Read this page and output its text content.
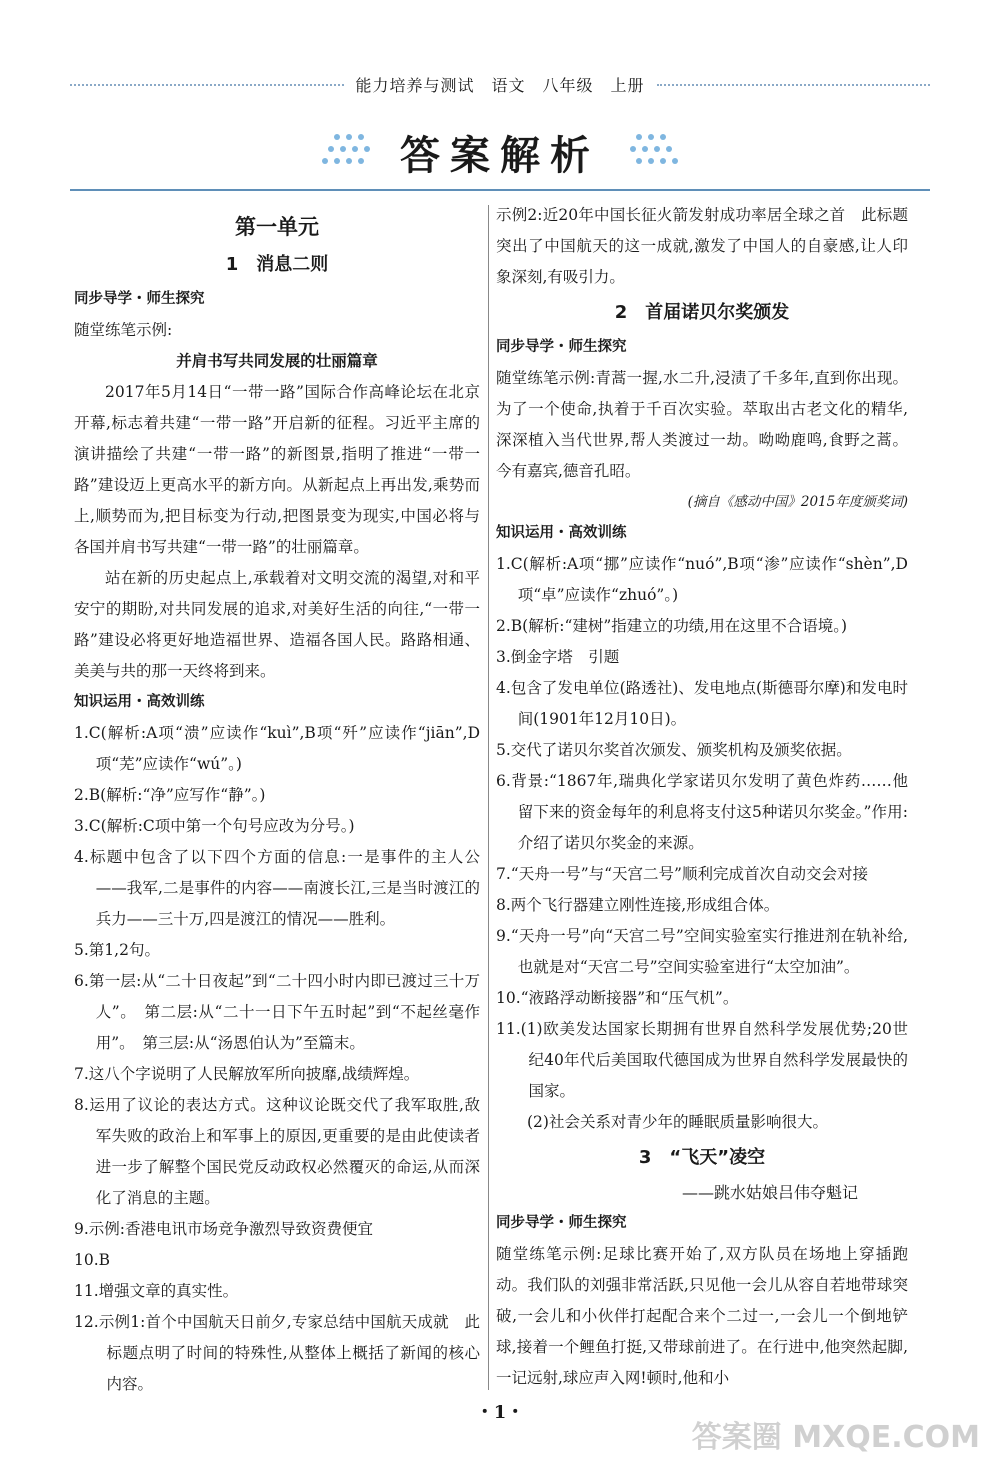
能力培养与测试　语文　八年级　上册
答案解析
第一单元
1　消息二则

同步导学・师生探究

随堂练笔示例:

并肩书写共同发展的壮丽篇章

2017年5月14日“一带一路”国际合作高峰论坛在北京开幕,标志着共建“一带一路”开启新的征程。习近平主席的演讲描绘了共建“一带一路”的新图景,指明了推进“一带一路”建设迈上更高水平的新方向。从新起点上再出发,乘势而上,顺势而为,把目标变为行动,把图景变为现实,中国必将与各国并肩书写共建“一带一路”的壮丽篇章。

站在新的历史起点上,承载着对文明交流的渴望,对和平安宁的期盼,对共同发展的追求,对美好生活的向往,“一带一路”建设必将更好地造福世界、造福各国人民。路路相通、美美与共的那一天终将到来。

知识运用・高效训练

1.C(解析:A项“溃”应读作“kuì”,B项“歼”应读作“jiān”,D项“芜”应读作“wú”。)

2.B(解析:“净”应写作“静”。)

3.C(解析:C项中第一个句号应改为分号。)

4.标题中包含了以下四个方面的信息:一是事件的主人公——我军,二是事件的内容——南渡长江,三是当时渡江的兵力——三十万,四是渡江的情况——胜利。

5.第1,2句。

6.第一层:从“二十日夜起”到“二十四小时内即已渡过三十万人”。　第二层:从“二十一日下午五时起”到“不起丝毫作用”。　第三层:从“汤恩伯认为”至篇末。

7.这八个字说明了人民解放军所向披靡,战绩辉煌。

8.运用了议论的表达方式。这种议论既交代了我军取胜,敌军失败的政治上和军事上的原因,更重要的是由此使读者进一步了解整个国民党反动政权必然覆灭的命运,从而深化了消息的主题。

9.示例:香港电讯市场竞争激烈导致资费便宜

10.B

11.增强文章的真实性。

12.示例1:首个中国航天日前夕,专家总结中国航天成就　此标题点明了时间的特殊性,从整体上概括了新闻的核心内容。

示例2:近20年中国长征火箭发射成功率居全球之首　此标题突出了中国航天的这一成就,激发了中国人的自豪感,让人印象深刻,有吸引力。

2　首届诺贝尔奖颁发

同步导学・师生探究

随堂练笔示例:青蒿一握,水二升,浸渍了千多年,直到你出现。为了一个使命,执着于千百次实验。萃取出古老文化的精华,深深植入当代世界,帮人类渡过一劫。呦呦鹿鸣,食野之蒿。今有嘉宾,德音孔昭。

(摘自《感动中国》2015年度颁奖词)

知识运用・高效训练

1.C(解析:A项“挪”应读作“nuó”,B项“渗”应读作“shèn”,D项“卓”应读作“zhuó”。)

2.B(解析:“建树”指建立的功绩,用在这里不合语境。)

3.倒金字塔　引题

4.包含了发电单位(路透社)、发电地点(斯德哥尔摩)和发电时间(1901年12月10日)。

5.交代了诺贝尔奖首次颁发、颁奖机构及颁奖依据。

6.背景:“1867年,瑞典化学家诺贝尔发明了黄色炸药……他留下来的资金每年的利息将支付这5种诺贝尔奖金。”作用:介绍了诺贝尔奖金的来源。

7.“天舟一号”与“天宫二号”顺利完成首次自动交会对接

8.两个飞行器建立刚性连接,形成组合体。

9.“天舟一号”向“天宫二号”空间实验室实行推进剂在轨补给,也就是对“天宫二号”空间实验室进行“太空加油”。

10.“液路浮动断接器”和“压气机”。

11.(1)欧美发达国家长期拥有世界自然科学发展优势;20世纪40年代后美国取代德国成为世界自然科学发展最快的国家。

(2)社会关系对青少年的睡眠质量影响很大。

3　“飞天”凌空

——跳水姑娘吕伟夺魁记

同步导学・师生探究

随堂练笔示例:足球比赛开始了,双方队员在场地上穿插跑动。我们队的刘强非常活跃,只见他一会儿从容自若地带球突破,一会儿和小伙伴打起配合来个二过一,一会儿一个倒地铲球,接着一个鲤鱼打挺,又带球前进了。在行进中,他突然起脚,一记远射,球应声入网!顿时,他和小

・1・
答案圈 MXQE.COM
